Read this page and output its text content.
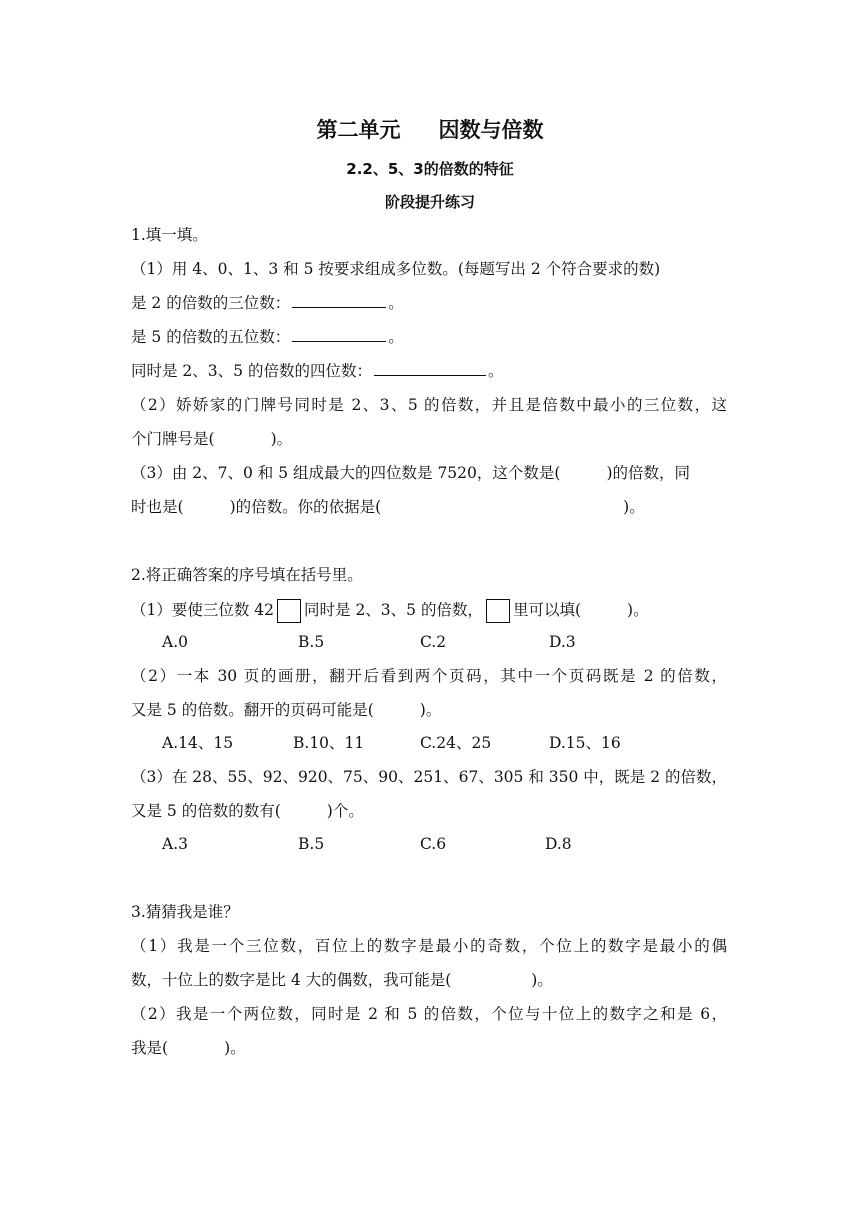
第二单元 因数与倍数
2.2、5、3的倍数的特征
阶段提升练习
1.填一填。
（1）用 4、0、1、3 和 5 按要求组成多位数。(每题写出 2 个符合要求的数)
是 2 的倍数的三位数：	。
是 5 的倍数的五位数：	。
同时是 2、3、5 的倍数的四位数：	。
（2）娇娇家的门牌号同时是 2、3、5 的倍数，并且是倍数中最小的三位数，这
个门牌号是(	)。
（3）由 2、7、0 和 5 组成最大的四位数是 7520，这个数是(	)的倍数，同
时也是(	)的倍数。你的依据是(	)。
2.将正确答案的序号填在括号里。
（1）要使三位数 42 同时是 2、3、5 的倍数， 里可以填(	)。
A.0	B.5	C.2	D.3
（2）一本 30 页的画册，翻开后看到两个页码，其中一个页码既是 2 的倍数，
又是 5 的倍数。翻开的页码可能是(	)。
A.14、15	B.10、11	C.24、25	D.15、16
（3）在 28、55、92、920、75、90、251、67、305 和 350 中，既是 2 的倍数，
又是 5 的倍数的数有(	)个。
A.3	B.5	C.6	D.8
3.猜猜我是谁？
（1）我是一个三位数，百位上的数字是最小的奇数，个位上的数字是最小的偶
数，十位上的数字是比 4 大的偶数，我可能是(	)。
（2）我是一个两位数，同时是 2 和 5 的倍数，个位与十位上的数字之和是 6，
我是(	)。
